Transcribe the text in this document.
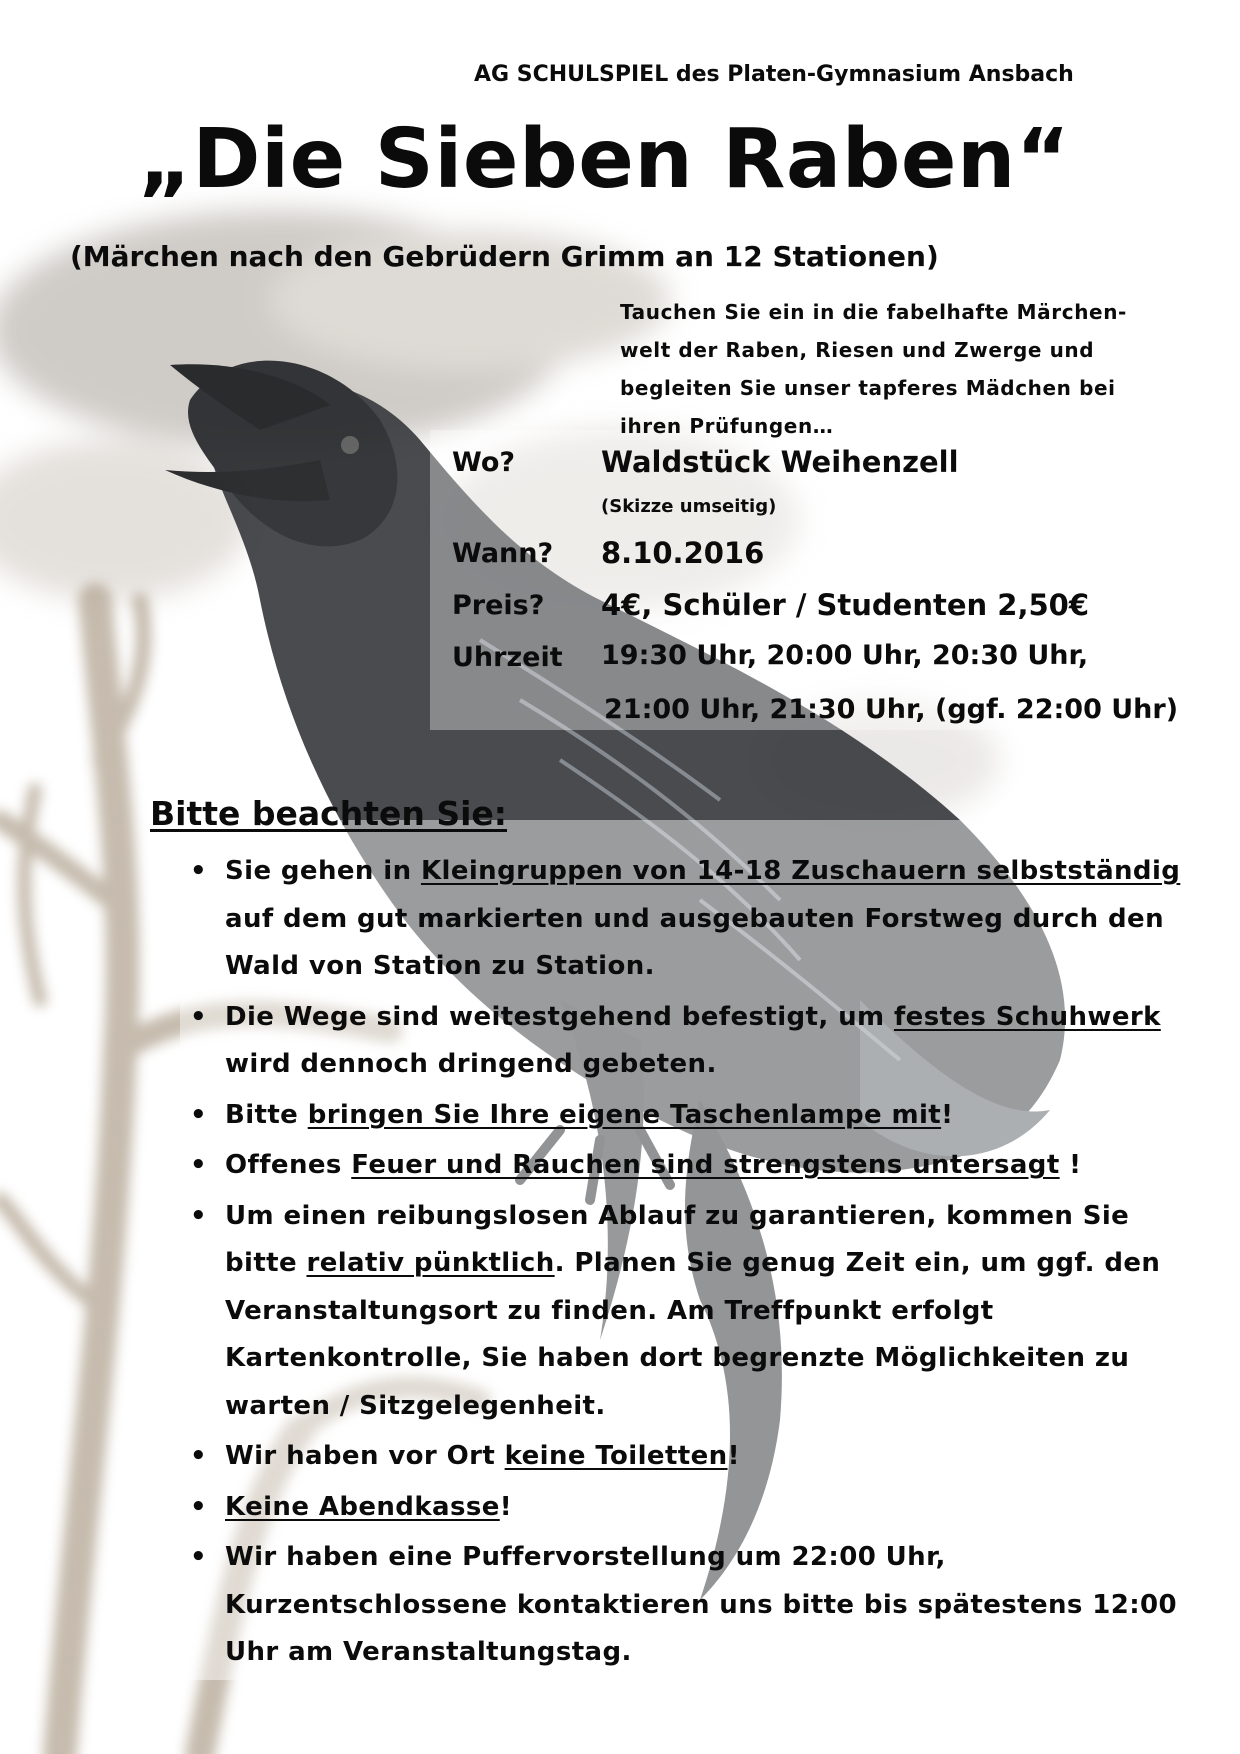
AG SCHULSPIEL des Platen-Gymnasium Ansbach
„Die Sieben Raben“
(Märchen nach den Gebrüdern Grimm an 12 Stationen)
Tauchen Sie ein in die fabelhafte Märchen-
welt der Raben, Riesen und Zwerge und
begleiten Sie unser tapferes Mädchen bei
ihren Prüfungen…
Wo?	Waldstück Weihenzell
(Skizze umseitig)
Wann? 8.10.2016
Preis? 4€, Schüler / Studenten 2,50€
Uhrzeit 19:30 Uhr, 20:00 Uhr, 20:30 Uhr,
21:00 Uhr, 21:30 Uhr, (ggf. 22:00 Uhr)
Bitte beachten Sie:
• Sie gehen in Kleingruppen von 14-18 Zuschauern selbstständig auf dem gut markierten und ausgebauten Forstweg durch den Wald von Station zu Station.
• Die Wege sind weitestgehend befestigt, um festes Schuhwerk wird dennoch dringend gebeten.
• Bitte bringen Sie Ihre eigene Taschenlampe mit!
• Offenes Feuer und Rauchen sind strengstens untersagt !
• Um einen reibungslosen Ablauf zu garantieren, kommen Sie bitte relativ pünktlich. Planen Sie genug Zeit ein, um ggf. den Veranstaltungsort zu finden. Am Treffpunkt erfolgt Kartenkontrolle, Sie haben dort begrenzte Möglichkeiten zu warten / Sitzgelegenheit.
• Wir haben vor Ort keine Toiletten!
• Keine Abendkasse!
• Wir haben eine Puffervorstellung um 22:00 Uhr, Kurzentschlossene kontaktieren uns bitte bis spätestens 12:00 Uhr am Veranstaltungstag.
